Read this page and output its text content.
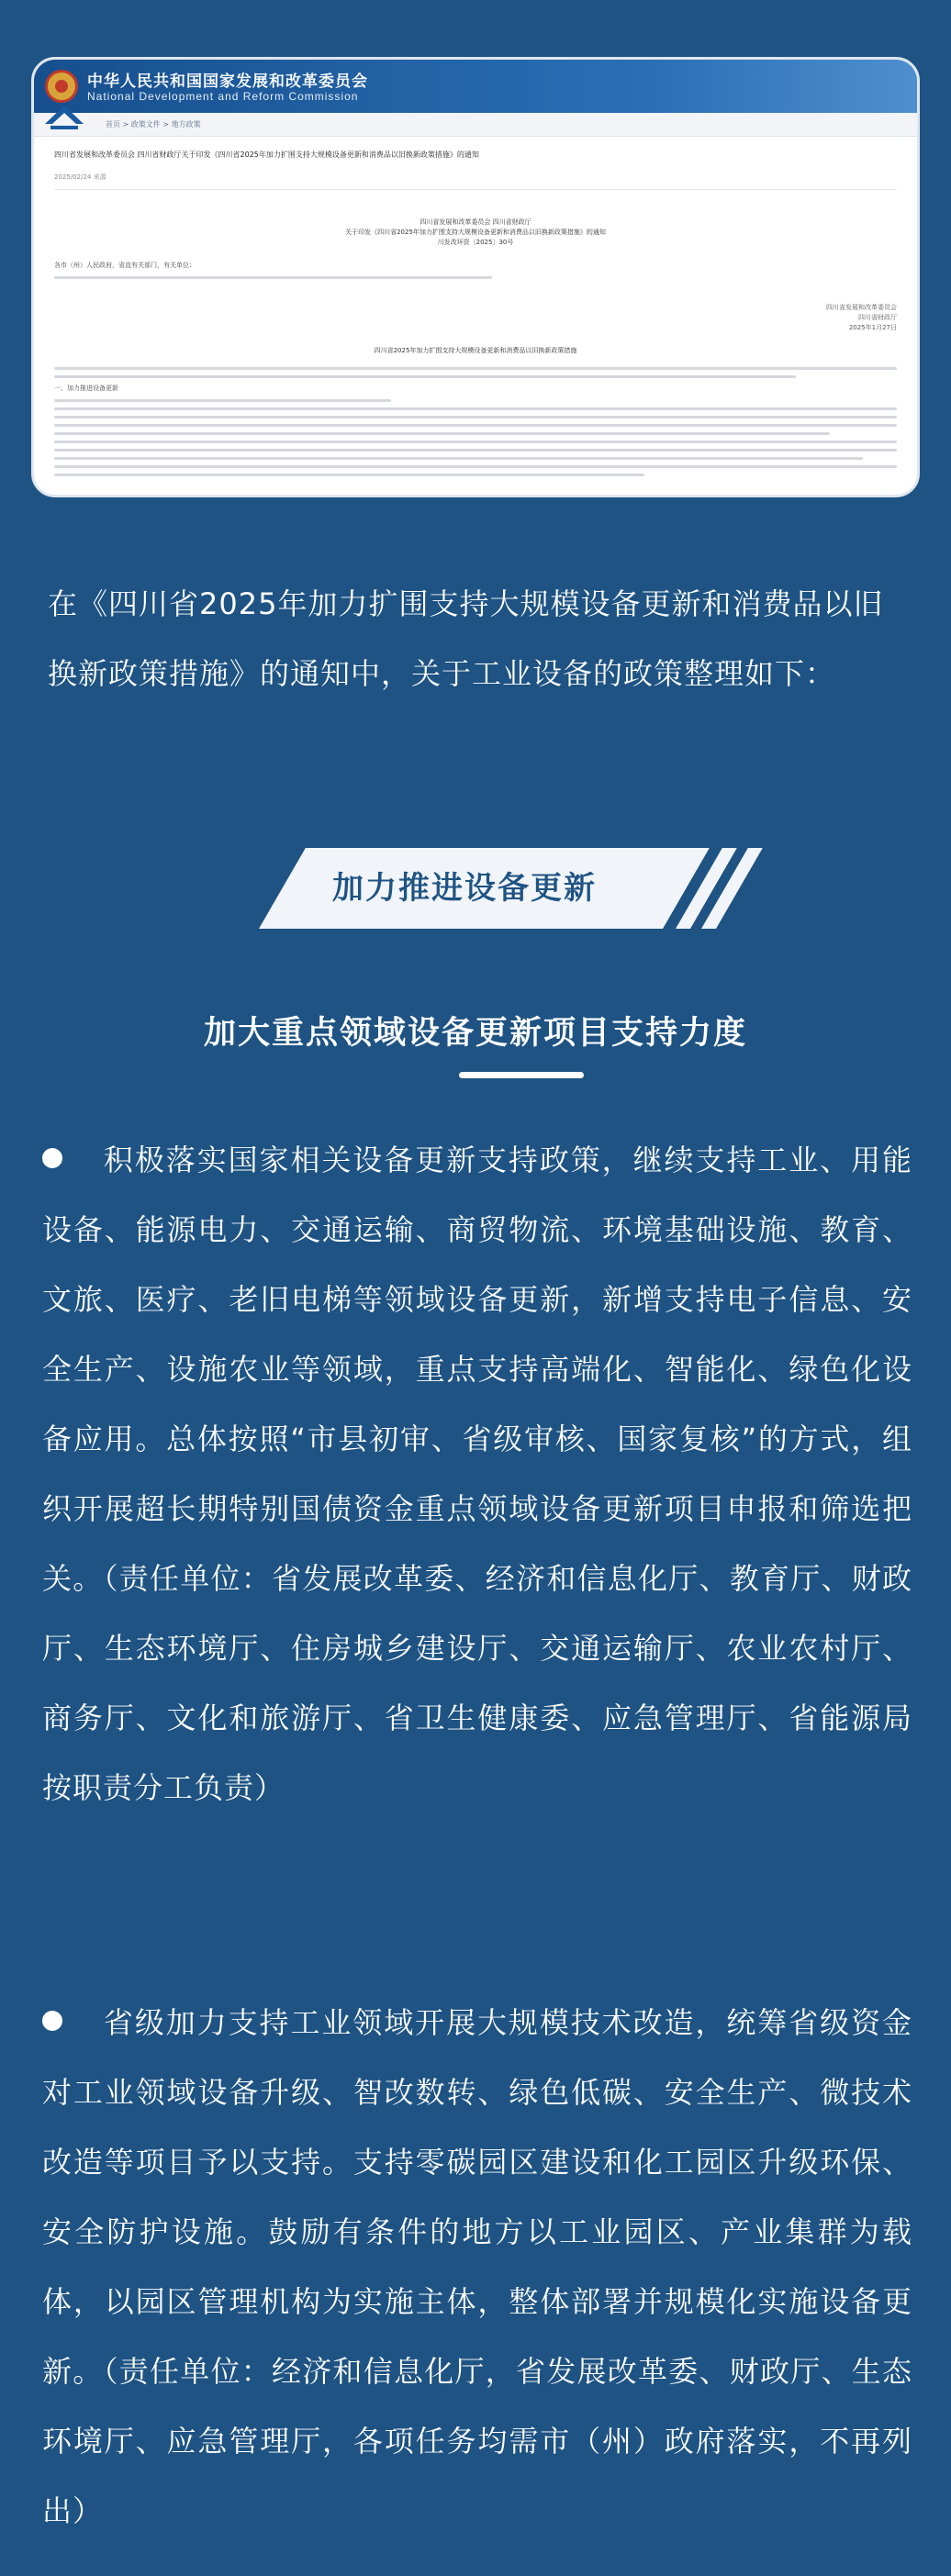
中华人民共和国国家发展和改革委员会
National Development and Reform Commission
首页 > 政策文件 > 地方政策
四川省发展和改革委员会 四川省财政厅关于印发《四川省2025年加力扩围支持大规模设备更新和消费品以旧换新政策措施》的通知
2025/02/24 来源
四川省发展和改革委员会 四川省财政厅
关于印发《四川省2025年加力扩围支持大规模设备更新和消费品以旧换新政策措施》的通知
川发改环资〔2025〕30号
各市（州）人民政府，省直有关部门，有关单位：
四川省发展和改革委员会
四川省财政厅
2025年1月27日
四川省2025年加力扩围支持大规模设备更新和消费品以旧换新政策措施
一、加力推进设备更新
在《四川省2025年加力扩围支持大规模设备更新和消费品以旧换新政策措施》的通知中，关于工业设备的政策整理如下：
加力推进设备更新
加大重点领域设备更新项目支持力度
积极落实国家相关设备更新支持政策，继续支持工业、用能设备、能源电力、交通运输、商贸物流、环境基础设施、教育、文旅、医疗、老旧电梯等领域设备更新，新增支持电子信息、安全生产、设施农业等领域，重点支持高端化、智能化、绿色化设备应用。总体按照“市县初审、省级审核、国家复核”的方式，组织开展超长期特别国债资金重点领域设备更新项目申报和筛选把关。（责任单位：省发展改革委、经济和信息化厅、教育厅、财政厅、生态环境厅、住房城乡建设厅、交通运输厅、农业农村厅、商务厅、文化和旅游厅、省卫生健康委、应急管理厅、省能源局按职责分工负责）
省级加力支持工业领域开展大规模技术改造，统筹省级资金对工业领域设备升级、智改数转、绿色低碳、安全生产、微技术改造等项目予以支持。支持零碳园区建设和化工园区升级环保、安全防护设施。鼓励有条件的地方以工业园区、产业集群为载体，以园区管理机构为实施主体，整体部署并规模化实施设备更新。（责任单位：经济和信息化厅，省发展改革委、财政厅、生态环境厅、应急管理厅，各项任务均需市（州）政府落实，不再列出）
